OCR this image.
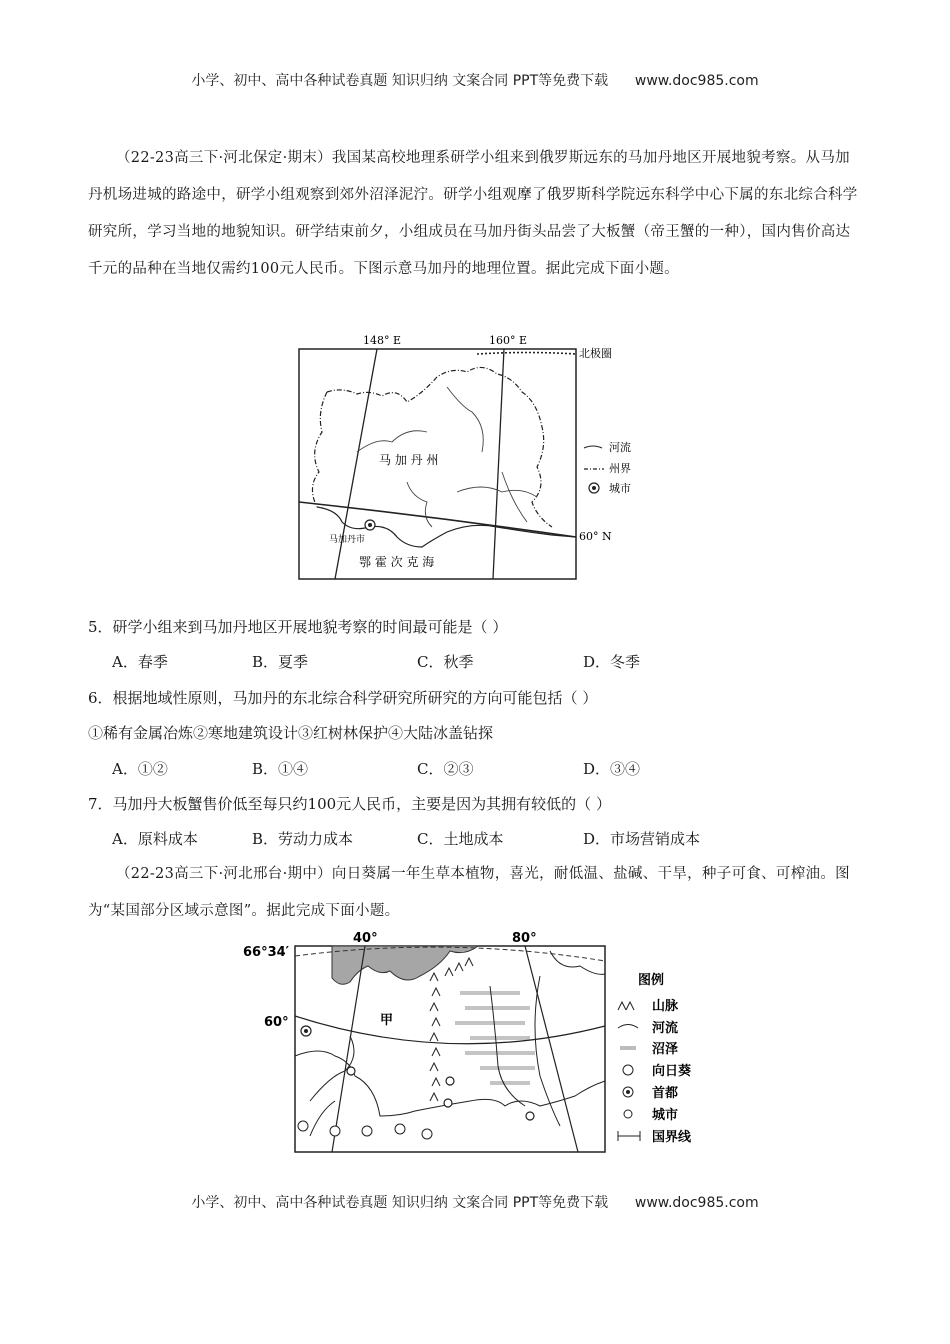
小学、初中、高中各种试卷真题 知识归纳 文案合同 PPT等免费下载 www.doc985.com
（22-23高三下·河北保定·期末）我国某高校地理系研学小组来到俄罗斯远东的马加丹地区开展地貌考察。从马加丹机场进城的路途中，研学小组观察到郊外沼泽泥泞。研学小组观摩了俄罗斯科学院远东科学中心下属的东北综合科学研究所，学习当地的地貌知识。研学结束前夕，小组成员在马加丹街头品尝了大板蟹（帝王蟹的一种），国内售价高达千元的品种在当地仅需约100元人民币。下图示意马加丹的地理位置。据此完成下面小题。
148° E	160° E
北极圈
60° N
马 加 丹 州
马加丹市
鄂 霍 次 克 海
河流
州界
城市
5．研学小组来到马加丹地区开展地貌考察的时间最可能是（ ）
A．春季	B．夏季	C．秋季	D．冬季
6．根据地域性原则，马加丹的东北综合科学研究所研究的方向可能包括（ ）
①稀有金属冶炼②寒地建筑设计③红树林保护④大陆冰盖钻探
A．①②	B．①④	C．②③	D．③④
7．马加丹大板蟹售价低至每只约100元人民币，主要是因为其拥有较低的（ ）
A．原料成本	B．劳动力成本	C．土地成本	D．市场营销成本
（22-23高三下·河北邢台·期中）向日葵属一年生草本植物，喜光，耐低温、盐碱、干旱，种子可食、可榨油。图为“某国部分区域示意图”。据此完成下面小题。
40°	80°
66°34′
60°	甲
图例
山脉
河流
沼泽
向日葵
首都
城市
国界线
小学、初中、高中各种试卷真题 知识归纳 文案合同 PPT等免费下载 www.doc985.com
